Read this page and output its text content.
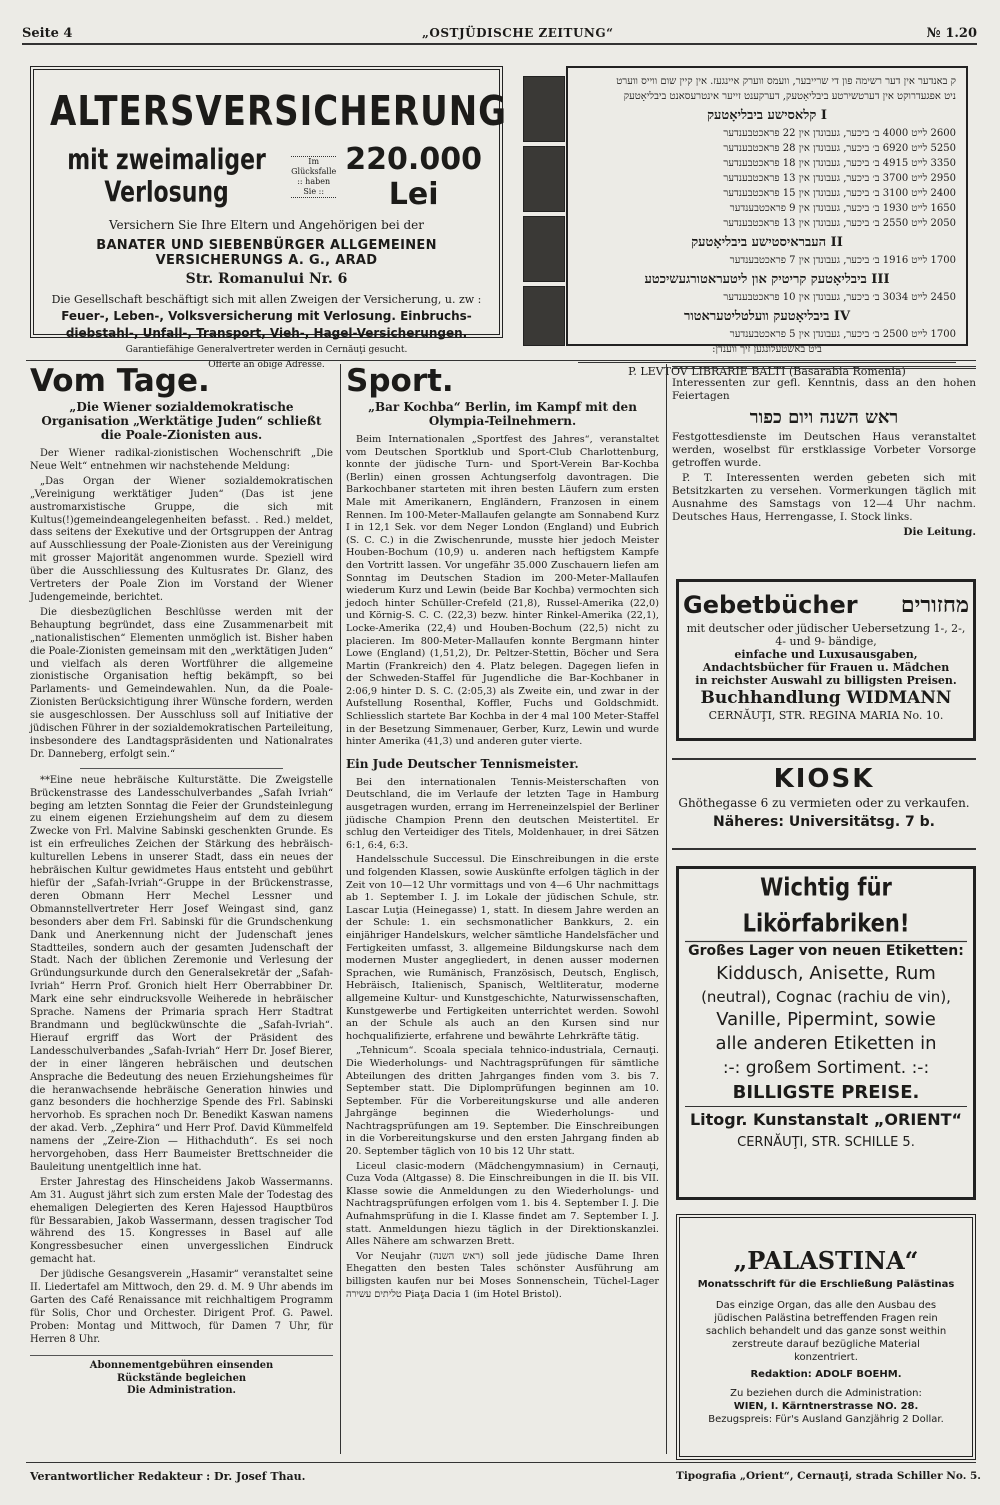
Seite 4	„OSTJÜDISCHE ZEITUNG“	№ 1.20
ALTERSVERSICHERUNG
mit zweimaliger Verlosung
Im Glücksfalle
:: haben Sie ::
220.000 Lei
Versichern Sie Ihre Eltern und Angehörigen bei der
BANATER UND SIEBENBÜRGER ALLGEMEINEN VERSICHERUNGS A. G., ARAD
Str. Romanului Nr. 6
Die Gesellschaft beschäftigt sich mit allen Zweigen der Versicherung, u. zw :
Feuer-, Leben-, Volksversicherung mit Verlosung. Einbruchs-
diebstahl-, Unfall-, Transport, Vieh-, Hagel-Versicherungen.
Garantiefähige Generalvertreter werden in Cernăuţi gesucht.
Offerte an obige Adresse.
ק באנדער אין דער רשימה פון די שרייבער, וועמס ווערק איינגעז. אין קיין שום ווייס ווערט
ניט אפגעדרוקט אין דערטשירטע ביבליאָטעק, דערקענט זייער אינטרעסאנט ביבליאָטעק
I קלאסישע ביבליאָטעק
2600 לייט 4000 ב׳ ביכער, געבונדן אין 22 פראכטבענדער
5250 לייט 6920 ב׳ ביכער, געבונדן אין 28 פראכטבענדער
3350 לייט 4915 ב׳ ביכער, געבונדן אין 18 פראכטבענדער
2950 לייט 3700 ב׳ ביכער, געבונדן אין 13 פראכטבענדער
2400 לייט 3100 ב׳ ביכער, געבונדן אין 15 פראכטבענדער
1650 לייט 1930 ב׳ ביכער, געבונדן אין 9 פראכטבענדער
2050 לייט 2550 ב׳ ביכער, געבונדן אין 13 פראכטבענדער
II העבראיסטישע ביבליאָטעק
1700 לייט 1916 ב׳ ביכער, געבונדן אין 7 פראכטבענדער
III ביבליאָטעק קריטיק און ליטעראטורגעשיכטע
2450 לייט 3034 ב׳ ביכער, געבונדן אין 10 פראכטבענדער
IV ביבליאָטעק וועלטליטעראטור
1700 לייט 2500 ב׳ ביכער, געבונדן אין 5 פראכטבענדער
ביט באשטעלונגען זיך ווענדן:
P. LEVTOV LIBRARIE BALTI (Basarabia Romenia)
Vom Tage.

„Die Wiener sozialdemokratische Organisation „Werktätige Juden“ schließt die Poale-Zionisten aus.

Der Wiener radikal-zionistischen Wochenschrift „Die Neue Welt“ entnehmen wir nachstehende Meldung:

„Das Organ der Wiener sozialdemokratischen „Vereinigung werktätiger Juden“ (Das ist jene austromarxistische Gruppe, die sich mit Kultus(!)gemeindeangelegenheiten befasst. . Red.) meldet, dass seitens der Exekutive und der Ortsgruppen der Antrag auf Ausschliessung der Poale-Zionisten aus der Vereinigung mit grosser Majorität angenommen wurde. Speziell wird über die Ausschliessung des Kultusrates Dr. Glanz, des Vertreters der Poale Zion im Vorstand der Wiener Judengemeinde, berichtet.

Die diesbezüglichen Beschlüsse werden mit der Behauptung begründet, dass eine Zusammenarbeit mit „nationalistischen“ Elementen unmöglich ist. Bisher haben die Poale-Zionisten gemeinsam mit den „werktätigen Juden“ und vielfach als deren Wortführer die allgemeine zionistische Organisation heftig bekämpft, so bei Parlaments- und Gemeindewahlen. Nun, da die Poale-Zionisten Berücksichtigung ihrer Wünsche fordern, werden sie ausgeschlossen. Der Ausschluss soll auf Initiative der jüdischen Führer in der sozialdemokratischen Parteileitung, insbesondere des Landtagspräsidenten und Nationalrates Dr. Danneberg, erfolgt sein.“

**Eine neue hebräische Kulturstätte. Die Zweigstelle Brückenstrasse des Landesschulverbandes „Safah Ivriah“ beging am letzten Sonntag die Feier der Grundsteinlegung zu einem eigenen Erziehungsheim auf dem zu diesem Zwecke von Frl. Malvine Sabinski geschenkten Grunde. Es ist ein erfreuliches Zeichen der Stärkung des hebräisch-kulturellen Lebens in unserer Stadt, dass ein neues der hebräischen Kultur gewidmetes Haus entsteht und gebührt hiefür der „Safah-Ivriah“-Gruppe in der Brückenstrasse, deren Obmann Herr Mechel Lessner und Obmannstellvertreter Herr Josef Weingast sind, ganz besonders aber dem Frl. Sabinski für die Grundschenkung Dank und Anerkennung nicht der Judenschaft jenes Stadtteiles, sondern auch der gesamten Judenschaft der Stadt. Nach der üblichen Zeremonie und Verlesung der Gründungsurkunde durch den Generalsekretär der „Safah-Ivriah“ Herrn Prof. Gronich hielt Herr Oberrabbiner Dr. Mark eine sehr eindrucksvolle Weiherede in hebräischer Sprache. Namens der Primaria sprach Herr Stadtrat Brandmann und beglückwünschte die „Safah-Ivriah“. Hierauf ergriff das Wort der Präsident des Landesschulverbandes „Safah-Ivriah“ Herr Dr. Josef Bierer, der in einer längeren hebräischen und deutschen Ansprache die Bedeutung des neuen Erziehungsheimes für die heranwachsende hebräische Generation hinwies und ganz besonders die hochherzige Spende des Frl. Sabinski hervorhob. Es sprachen noch Dr. Benedikt Kaswan namens der akad. Verb. „Zephira“ und Herr Prof. David Kümmelfeld namens der „Zeire-Zion — Hithachduth“. Es sei noch hervorgehoben, dass Herr Baumeister Brettschneider die Bauleitung unentgeltlich inne hat.

Erster Jahrestag des Hinscheidens Jakob Wassermanns. Am 31. August jährt sich zum ersten Male der Todestag des ehemaligen Delegierten des Keren Hajessod Hauptbüros für Bessarabien, Jakob Wassermann, dessen tragischer Tod während des 15. Kongresses in Basel auf alle Kongressbesucher einen unvergesslichen Eindruck gemacht hat.

Der jüdische Gesangsverein „Hasamir“ veranstaltet seine II. Liedertafel am Mittwoch, den 29. d. M. 9 Uhr abends im Garten des Café Renaissance mit reichhaltigem Programm für Solis, Chor und Orchester. Dirigent Prof. G. Pawel. Proben: Montag und Mittwoch, für Damen 7 Uhr, für Herren 8 Uhr.

Abonnementgebühren einsenden
Rückstände begleichen
Die Administration.
Sport.

„Bar Kochba“ Berlin, im Kampf mit den Olympia-Teilnehmern.

Beim Internationalen „Sportfest des Jahres“, veranstaltet vom Deutschen Sportklub und Sport-Club Charlottenburg, konnte der jüdische Turn- und Sport-Verein Bar-Kochba (Berlin) einen grossen Achtungserfolg davontragen. Die Barkochbaner starteten mit ihren besten Läufern zum ersten Male mit Amerikanern, Engländern, Franzosen in einem Rennen. Im 100-Meter-Mallaufen gelangte am Sonnabend Kurz I in 12,1 Sek. vor dem Neger London (England) und Eubrich (S. C. C.) in die Zwischenrunde, musste hier jedoch Meister Houben-Bochum (10,9) u. anderen nach heftigstem Kampfe den Vortritt lassen. Vor ungefähr 35.000 Zuschauern liefen am Sonntag im Deutschen Stadion im 200-Meter-Mallaufen wiederum Kurz und Lewin (beide Bar Kochba) vermochten sich jedoch hinter Schüller-Crefeld (21,8), Russel-Amerika (22,0) und Körnig-S. C. C. (22,3) bezw. hinter Rinkel-Amerika (22,1), Locke-Amerika (22,4) und Houben-Bochum (22,5) nicht zu placieren. Im 800-Meter-Mallaufen konnte Bergmann hinter Lowe (England) (1,51,2), Dr. Peltzer-Stettin, Böcher und Sera Martin (Frankreich) den 4. Platz belegen. Dagegen liefen in der Schweden-Staffel für Jugendliche die Bar-Kochbaner in 2:06,9 hinter D. S. C. (2:05,3) als Zweite ein, und zwar in der Aufstellung Rosenthal, Koffler, Fuchs und Goldschmidt. Schliesslich startete Bar Kochba in der 4 mal 100 Meter-Staffel in der Besetzung Simmenauer, Gerber, Kurz, Lewin und wurde hinter Amerika (41,3) und anderen guter vierte.

Ein Jude Deutscher Tennismeister.

Bei den internationalen Tennis-Meisterschaften von Deutschland, die im Verlaufe der letzten Tage in Hamburg ausgetragen wurden, errang im Herreneinzelspiel der Berliner jüdische Champion Prenn den deutschen Meistertitel. Er schlug den Verteidiger des Titels, Moldenhauer, in drei Sätzen 6:1, 6:4, 6:3.

Handelsschule Successul. Die Einschreibungen in die erste und folgenden Klassen, sowie Auskünfte erfolgen täglich in der Zeit von 10—12 Uhr vormittags und von 4—6 Uhr nachmittags ab 1. September I. J. im Lokale der jüdischen Schule, str. Lascar Luţia (Heinegasse) 1, statt. In diesem Jahre werden an der Schule: 1. ein sechsmonatlicher Bankkurs, 2. ein einjähriger Handelskurs, welcher sämtliche Handelsfächer und Fertigkeiten umfasst, 3. allgemeine Bildungskurse nach dem modernen Muster angegliedert, in denen ausser modernen Sprachen, wie Rumänisch, Französisch, Deutsch, Englisch, Hebräisch, Italienisch, Spanisch, Weltliteratur, moderne allgemeine Kultur- und Kunstgeschichte, Naturwissenschaften, Kunstgewerbe und Fertigkeiten unterrichtet werden. Sowohl an der Schule als auch an den Kursen sind nur hochqualifizierte, erfahrene und bewährte Lehrkräfte tätig.

„Tehnicum“. Scoala speciala tehnico-industriala, Cernauţi. Die Wiederholungs- und Nachtragsprüfungen für sämtliche Abteilungen des dritten Jahrganges finden vom 3. bis 7. September statt. Die Diplomprüfungen beginnen am 10. September. Für die Vorbereitungskurse und alle anderen Jahrgänge beginnen die Wiederholungs- und Nachtragsprüfungen am 19. September. Die Einschreibungen in die Vorbereitungskurse und den ersten Jahrgang finden ab 20. September täglich von 10 bis 12 Uhr statt.

Liceul clasic-modern (Mädchengymnasium) in Cernauţi, Cuza Voda (Altgasse) 8. Die Einschreibungen in die II. bis VII. Klasse sowie die Anmeldungen zu den Wiederholungs- und Nachtragsprüfungen erfolgen vom 1. bis 4. September I. J. Die Aufnahmsprüfung in die I. Klasse findet am 7. September I. J. statt. Anmeldungen hiezu täglich in der Direktionskanzlei. Alles Nähere am schwarzen Brett.

Vor Neujahr (ראש השנה) soll jede jüdische Dame Ihren Ehegatten den besten Tales schönster Ausführung am billigsten kaufen nur bei Moses Sonnenschein, Tüchel-Lager טליתים עשירה Piaţa Dacia 1 (im Hotel Bristol).

Interessenten zur gefl. Kenntnis, dass an den hohen Feiertagen

ראש השנה ויום כפור

Festgottesdienste im Deutschen Haus veranstaltet werden, woselbst für erstklassige Vorbeter Vorsorge getroffen wurde.

P. T. Interessenten werden gebeten sich mit Betsitzkarten zu versehen. Vormerkungen täglich mit Ausnahme des Samstags von 12—4 Uhr nachm. Deutsches Haus, Herrengasse, I. Stock links.

Die Leitung.
Gebetbücher מחזורים
mit deutscher oder jüdischer Uebersetzung 1-, 2-, 4- und 9- bändige,
einfache und Luxusausgaben,
Andachtsbücher für Frauen u. Mädchen
in reichster Auswahl zu billigsten Preisen.
Buchhandlung WIDMANN
CERNĂUŢI, STR. REGINA MARIA No. 10.
KIOSK
Ghöthegasse 6 zu vermieten oder zu verkaufen.
Näheres: Universitätsg. 7 b.
Wichtig für Likörfabriken!
Großes Lager von neuen Etiketten:
Kiddusch, Anisette, Rum
(neutral), Cognac (rachiu de vin),
Vanille, Pipermint, sowie
alle anderen Etiketten in
:-: großem Sortiment. :-:
BILLIGSTE PREISE.
Litogr. Kunstanstalt „ORIENT“
CERNĂUŢI, STR. SCHILLE 5.
„PALASTINA“
Monatsschrift für die Erschließung Palästinas
Das einzige Organ, das alle den Ausbau des jüdischen Palästina betreffenden Fragen rein sachlich behandelt und das ganze sonst weithin zerstreute darauf bezügliche Material konzentriert.
Redaktion: ADOLF BOEHM.
Zu beziehen durch die Administration:
WIEN, I. Kärntnerstrasse NO. 28.
Bezugspreis: Für's Ausland Ganzjährig 2 Dollar.
Verantwortlicher Redakteur : Dr. Josef Thau.	Tipografia „Orient“, Cernauţi, strada Schiller No. 5.
